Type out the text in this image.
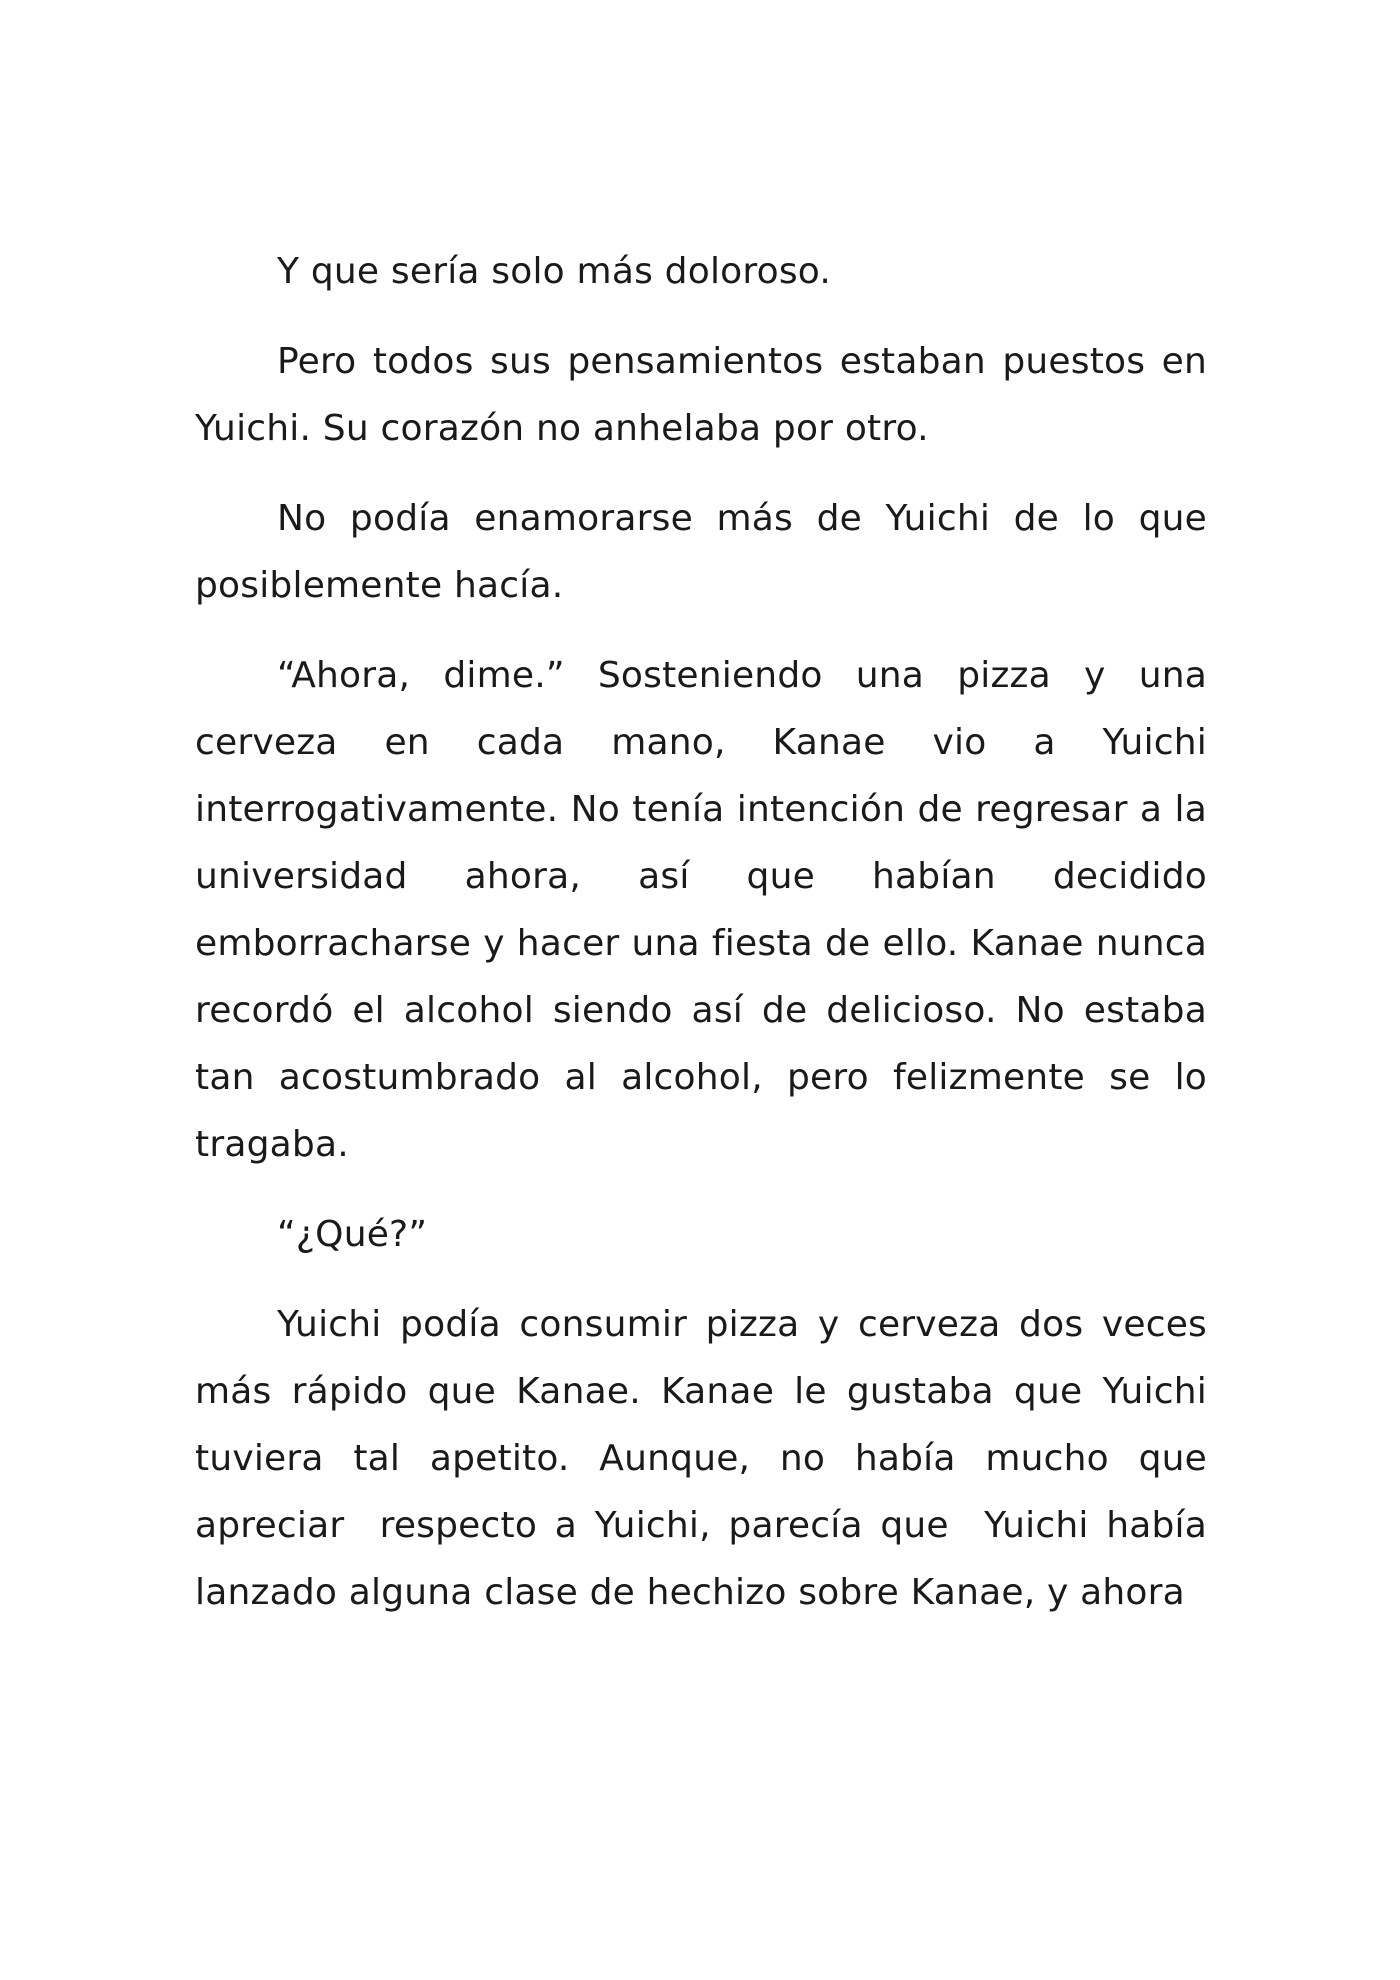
Y que sería solo más doloroso.

Pero todos sus pensamientos estaban puestos en Yuichi. Su corazón no anhelaba por otro.

No podía enamorarse más de Yuichi de lo que posiblemente hacía.

“Ahora, dime.” Sosteniendo una pizza y una cerveza en cada mano, Kanae vio a Yuichi interrogativamente. No tenía intención de regresar a la universidad ahora, así que habían decidido emborracharse y hacer una fiesta de ello. Kanae nunca recordó el alcohol siendo así de delicioso. No estaba tan acostumbrado al alcohol, pero felizmente se lo tragaba.

“¿Qué?”

Yuichi podía consumir pizza y cerveza dos veces más rápido que Kanae. Kanae le gustaba que Yuichi tuviera tal apetito. Aunque, no había mucho que apreciar  respecto a Yuichi, parecía que  Yuichi había lanzado alguna clase de hechizo sobre Kanae, y ahora
